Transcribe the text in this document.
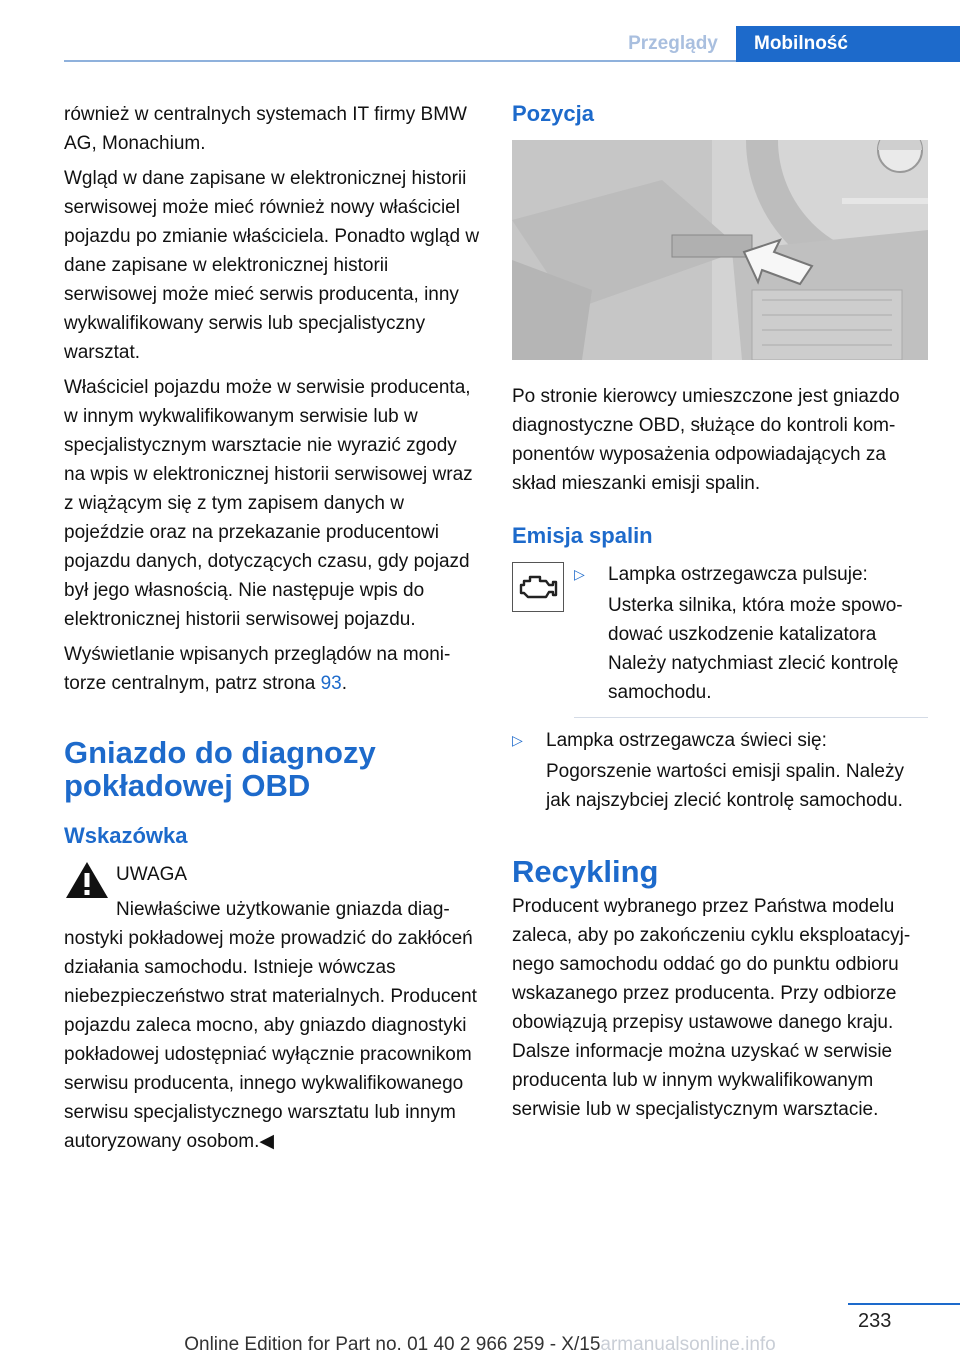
Przeglądy	Mobilność

również w centralnych systemach IT firmy BMW AG, Monachium.

Wgląd w dane zapisane w elektronicznej historii serwisowej może mieć również nowy właściciel pojazdu po zmianie właściciela. Ponadto wgląd w dane zapisane w elektronicznej historii serwisowej może mieć serwis producenta, inny wykwalifikowany serwis lub specjalistyczny warsztat.

Właściciel pojazdu może w serwisie producenta, w innym wykwalifikowanym serwisie lub w specjalistycznym warsztacie nie wyrazić zgody na wpis w elektronicznej historii serwisowej wraz z wiążącym się z tym zapisem danych w pojeździe oraz na przekazanie producentowi pojazdu danych, dotyczących czasu, gdy pojazd był jego własnością. Nie następuje wpis do elektronicznej historii serwisowej pojazdu.

Wyświetlanie wpisanych przeglądów na monitorze centralnym, patrz strona 93.

Gniazdo do diagnozy pokładowej OBD
Wskazówka

UWAGA

Niewłaściwe użytkowanie gniazda diag-

nostyki pokładowej może prowadzić do zakłóceń działania samochodu. Istnieje wówczas niebezpieczeństwo strat materialnych. Producent pojazdu zaleca mocno, aby gniazdo diagnostyki pokładowej udostępniać wyłącznie pracownikom serwisu producenta, innego wykwalifikowanego serwisu specjalistycznego warsztatu lub innym autoryzowany osobom.◀

Pozycja

Po stronie kierowcy umieszczone jest gniazdo diagnostyczne OBD, służące do kontroli komponentów wyposażenia odpowiadających za skład mieszanki emisji spalin.

Emisja spalin
▷	Lampka ostrzegawcza pulsuje:

Usterka silnika, która może spowodować uszkodzenie katalizatora Należy natychmiast zlecić kontrolę samochodu.

▷	Lampka ostrzegawcza świeci się:

Pogorszenie wartości emisji spalin. Należy jak najszybciej zlecić kontrolę samochodu.

Recykling

Producent wybranego przez Państwa modelu zaleca, aby po zakończeniu cyklu eksploatacyjnego samochodu oddać go do punktu odbioru wskazanego przez producenta. Przy odbiorze obowiązują przepisy ustawowe danego kraju. Dalsze informacje można uzyskać w serwisie producenta lub w innym wykwalifikowanym serwisie lub w specjalistycznym warsztacie.

233
Online Edition for Part no. 01 40 2 966 259 - X/15armanualsonline.info
